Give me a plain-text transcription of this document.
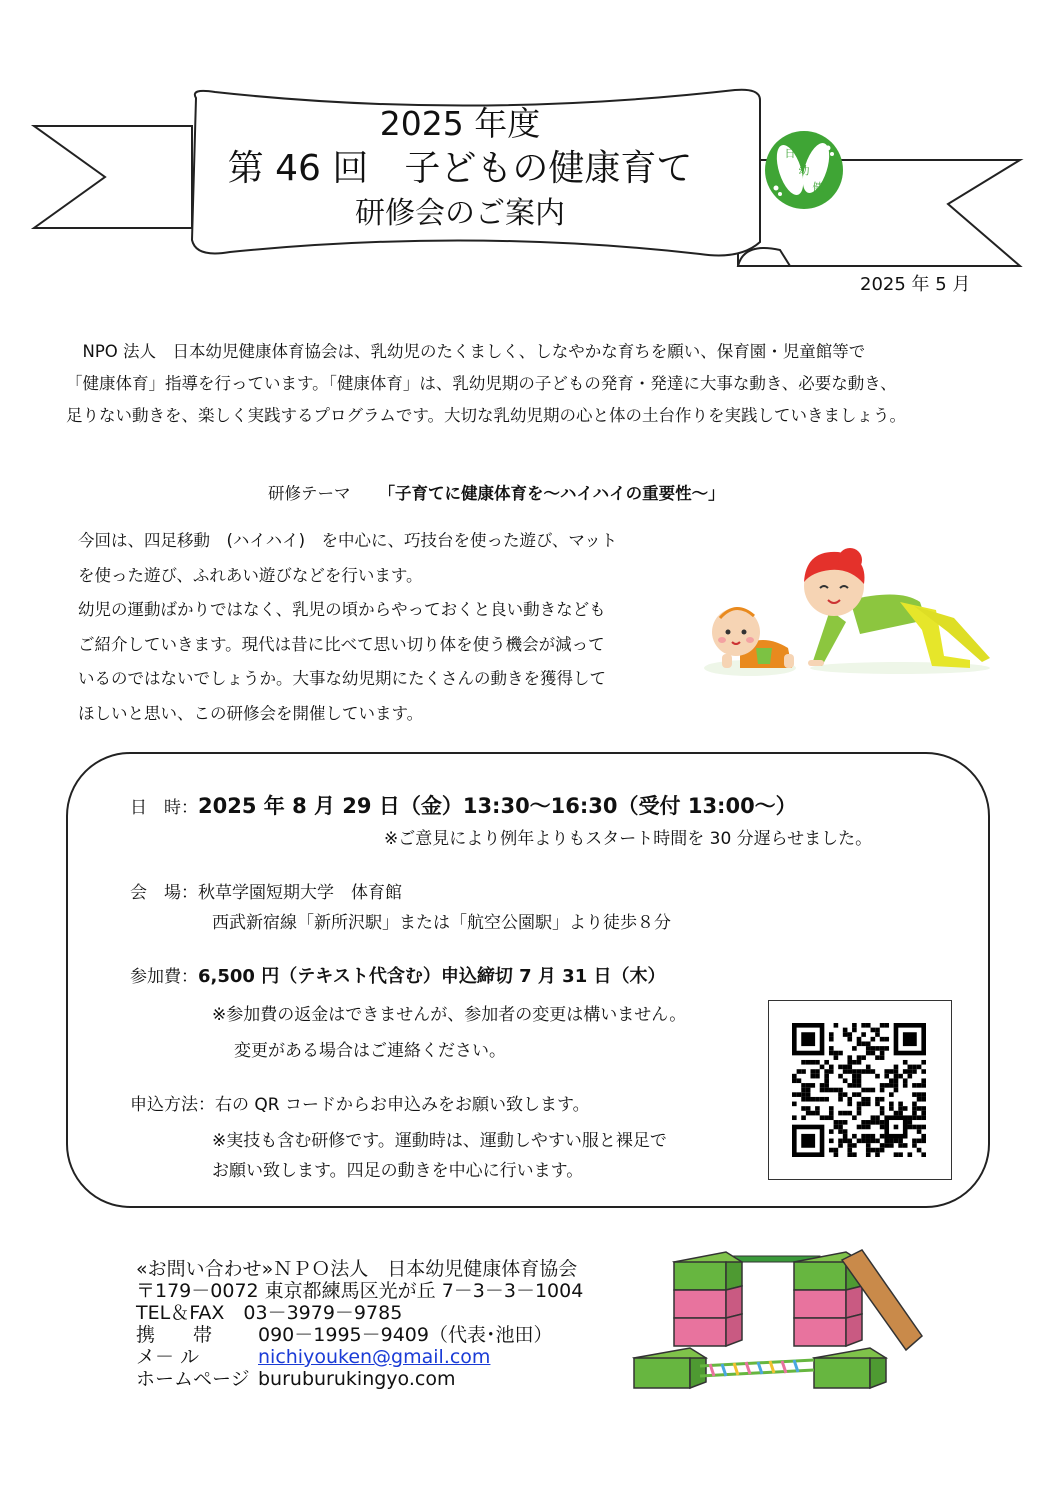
2025 年度
第 46 回　子どもの健康育て
研修会のご案内
日
幼
健
2025 年 5 月
　NPO 法人　日本幼児健康体育協会は、乳幼児のたくましく、しなやかな育ちを願い、保育園・児童館等で
「健康体育」指導を行っています。「健康体育」は、乳幼児期の子どもの発育・発達に大事な動き、必要な動き、
足りない動きを、楽しく実践するプログラムです。大切な乳幼児期の心と体の土台作りを実践していきましょう。
研修テーマ 「子育てに健康体育を～ハイハイの重要性～」
今回は、四足移動　(ハイハイ)　を中心に、巧技台を使った遊び、マット
を使った遊び、ふれあい遊びなどを行います。
幼児の運動ばかりではなく、乳児の頃からやっておくと良い動きなども
ご紹介していきます。現代は昔に比べて思い切り体を使う機会が減って
いるのではないでしょうか。大事な幼児期にたくさんの動きを獲得して
ほしいと思い、この研修会を開催しています。
日　時：2025 年 8 月 29 日（金）13:30～16:30（受付 13:00～）
※ご意見により例年よりもスタート時間を 30 分遅らせました。
会　場：秋草学園短期大学　体育館
西武新宿線「新所沢駅」または「航空公園駅」より徒歩８分
参加費：6,500 円（テキスト代含む）申込締切 7 月 31 日（木）
※参加費の返金はできませんが、参加者の変更は構いません。
変更がある場合はご連絡ください。
申込方法：右の QR コードからお申込みをお願い致します。
※実技も含む研修です。運動時は、運動しやすい服と裸足で
お願い致します。四足の動きを中心に行います。
«お問い合わせ»ＮＰＯ法人　日本幼児健康体育協会
〒179－0072 東京都練馬区光が丘 7－3－3－1004
TEL＆FAX　03－3979－9785
携　　帯 090－1995－9409（代表･池田）
メ－ ル	nichiyouken@gmail.com
ホームページ buruburukingyo.com
